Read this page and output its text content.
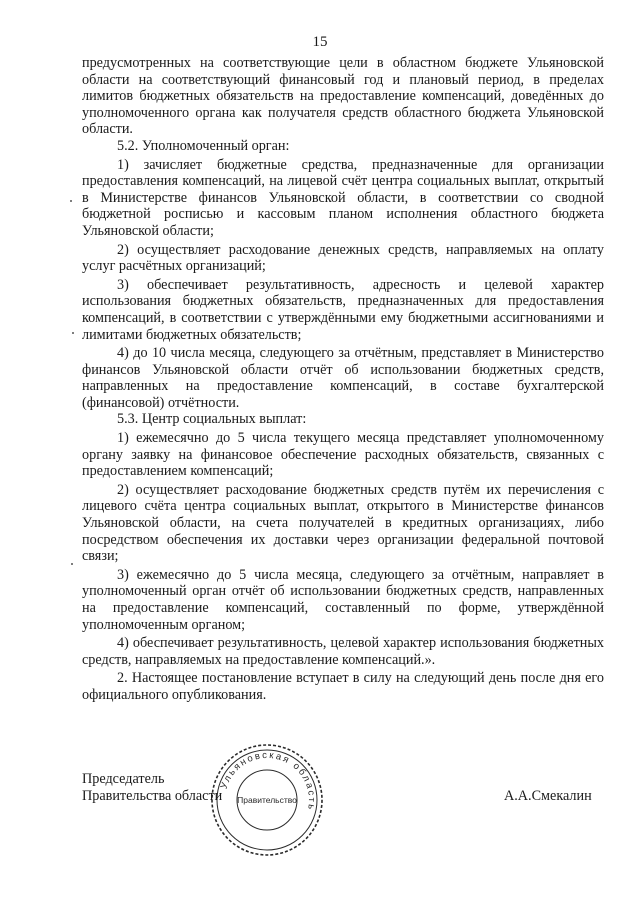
15

предусмотренных на соответствующие цели в областном бюджете Ульяновской области на соответствующий финансовый год и плановый период, в пределах лимитов бюджетных обязательств на предоставление компенсаций, доведённых до уполномоченного органа как получателя средств областного бюджета Ульяновской области.

5.2. Уполномоченный орган:

1) зачисляет бюджетные средства, предназначенные для организации предоставления компенсаций, на лицевой счёт центра социальных выплат, открытый в Министерстве финансов Ульяновской области, в соответствии со сводной бюджетной росписью и кассовым планом исполнения областного бюджета Ульяновской области;

2) осуществляет расходование денежных средств, направляемых на оплату услуг расчётных организаций;

3) обеспечивает результативность, адресность и целевой характер использования бюджетных обязательств, предназначенных для предоставления компенсаций, в соответствии с утверждёнными ему бюджетными ассигнованиями и лимитами бюджетных обязательств;

4) до 10 числа месяца, следующего за отчётным, представляет в Министерство финансов Ульяновской области отчёт об использовании бюджетных средств, направленных на предоставление компенсаций, в составе бухгалтерской (финансовой) отчётности.

5.3. Центр социальных выплат:

1) ежемесячно до 5 числа текущего месяца представляет уполномоченному органу заявку на финансовое обеспечение расходных обязательств, связанных с предоставлением компенсаций;

2) осуществляет расходование бюджетных средств путём их перечисления с лицевого счёта центра социальных выплат, открытого в Министерстве финансов Ульяновской области, на счета получателей в кредитных организациях, либо посредством обеспечения их доставки через организации федеральной почтовой связи;

3) ежемесячно до 5 числа месяца, следующего за отчётным, направляет в уполномоченный орган отчёт об использовании бюджетных средств, направленных на предоставление компенсаций, составленный по форме, утверждённой уполномоченным органом;

4) обеспечивает результативность, целевой характер использования бюджетных средств, направляемых на предоставление компенсаций.».

2. Настоящее постановление вступает в силу на следующий день после дня его официального опубликования.

Председатель
Правительства области	А.А.Смекалин
Ульяновская область
Правительство
